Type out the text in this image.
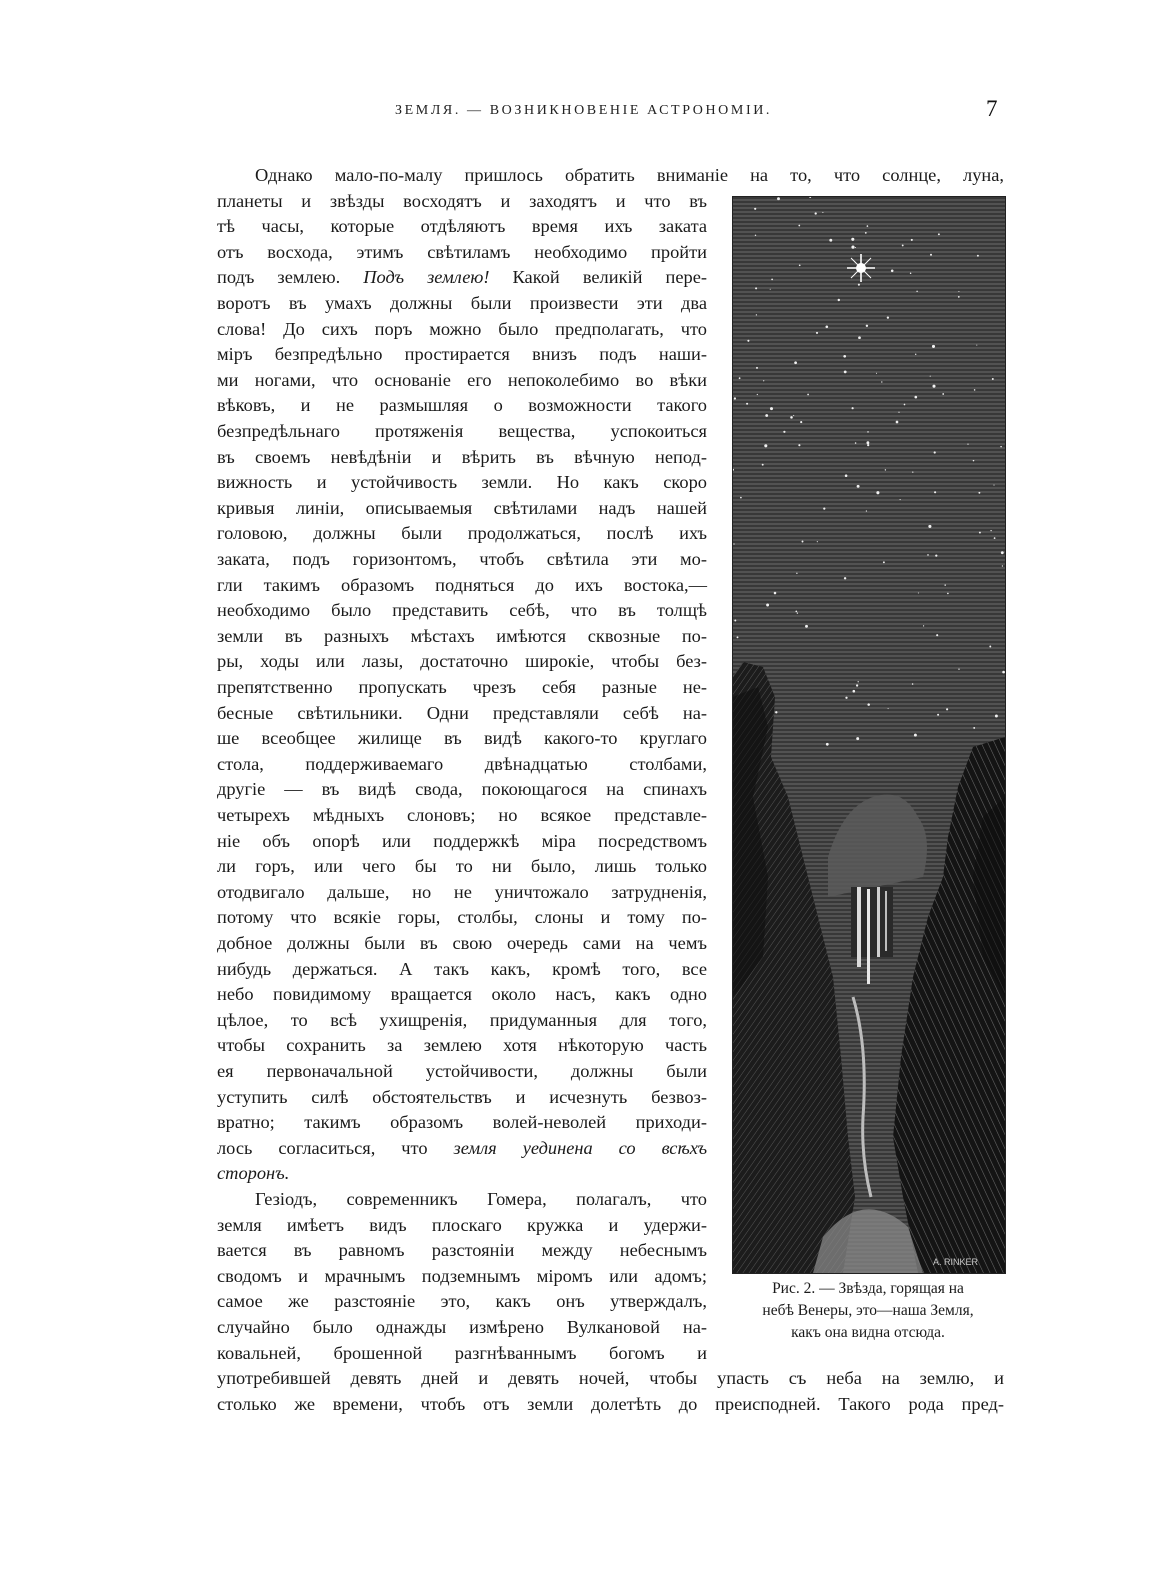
ЗЕМЛЯ. — ВОЗНИКНОВЕНІЕ АСТРОНОМІИ.	7
Однако мало-по-малу пришлось обратить вниманіе на то, что солнце, луна,
планеты и звѣзды восходятъ и заходятъ и что въ
тѣ часы, которые отдѣляютъ время ихъ заката
отъ восхода, этимъ свѣтиламъ необходимо пройти
подъ землею. Подъ землею! Какой великій пере-
воротъ въ умахъ должны были произвести эти два
слова! До сихъ поръ можно было предполагать, что
міръ безпредѣльно простирается внизъ подъ наши-
ми ногами, что основаніе его непоколебимо во вѣки
вѣковъ, и не размышляя о возможности такого
безпредѣльнаго протяженія вещества, успокоиться
въ своемъ невѣдѣніи и вѣрить въ вѣчную непод-
вижность и устойчивость земли. Но какъ скоро
кривыя линіи, описываемыя свѣтилами надъ нашей
головою, должны были продолжаться, послѣ ихъ
заката, подъ горизонтомъ, чтобъ свѣтила эти мо-
гли такимъ образомъ подняться до ихъ востока,—
необходимо было представить себѣ, что въ толщѣ
земли въ разныхъ мѣстахъ имѣются сквозные по-
ры, ходы или лазы, достаточно широкіе, чтобы без-
препятственно пропускать чрезъ себя разные не-
бесные свѣтильники. Одни представляли себѣ на-
ше всеобщее жилище въ видѣ какого-то круглаго
стола, поддерживаемаго двѣнадцатью столбами,
другіе — въ видѣ свода, покоющагося на спинахъ
четырехъ мѣдныхъ слоновъ; но всякое представле-
ніе объ опорѣ или поддержкѣ міра посредствомъ
ли горъ, или чего бы то ни было, лишь только
отодвигало дальше, но не уничтожало затрудненія,
потому что всякіе горы, столбы, слоны и тому по-
добное должны были въ свою очередь сами на чемъ
нибудь держаться. А такъ какъ, кромѣ того, все
небо повидимому вращается около насъ, какъ одно
цѣлое, то всѣ ухищренія, придуманныя для того,
чтобы сохранить за землею хотя нѣкоторую часть
ея первоначальной устойчивости, должны были
уступить силѣ обстоятельствъ и исчезнуть безвоз-
вратно; такимъ образомъ волей-неволей приходи-
лось согласиться, что земля уединена со всѣхъ
сторонъ.
Гезіодъ, современникъ Гомера, полагалъ, что
земля имѣетъ видъ плоскаго кружка и удержи-
вается въ равномъ разстояніи между небеснымъ
сводомъ и мрачнымъ подземнымъ міромъ или адомъ;
самое же разстояніе это, какъ онъ утверждалъ,
случайно было однажды измѣрено Вулкановой на-
ковальней, брошенной разгнѣваннымъ богомъ и
употребившей девять дней и девять ночей, чтобы упасть съ неба на землю, и
столько же времени, чтобъ отъ земли долетѣть до преисподней. Такого рода пред-
A. RINKER
Рис. 2. — Звѣзда, горящая на
небѣ Венеры, это—наша Земля,
какъ она видна отсюда.
